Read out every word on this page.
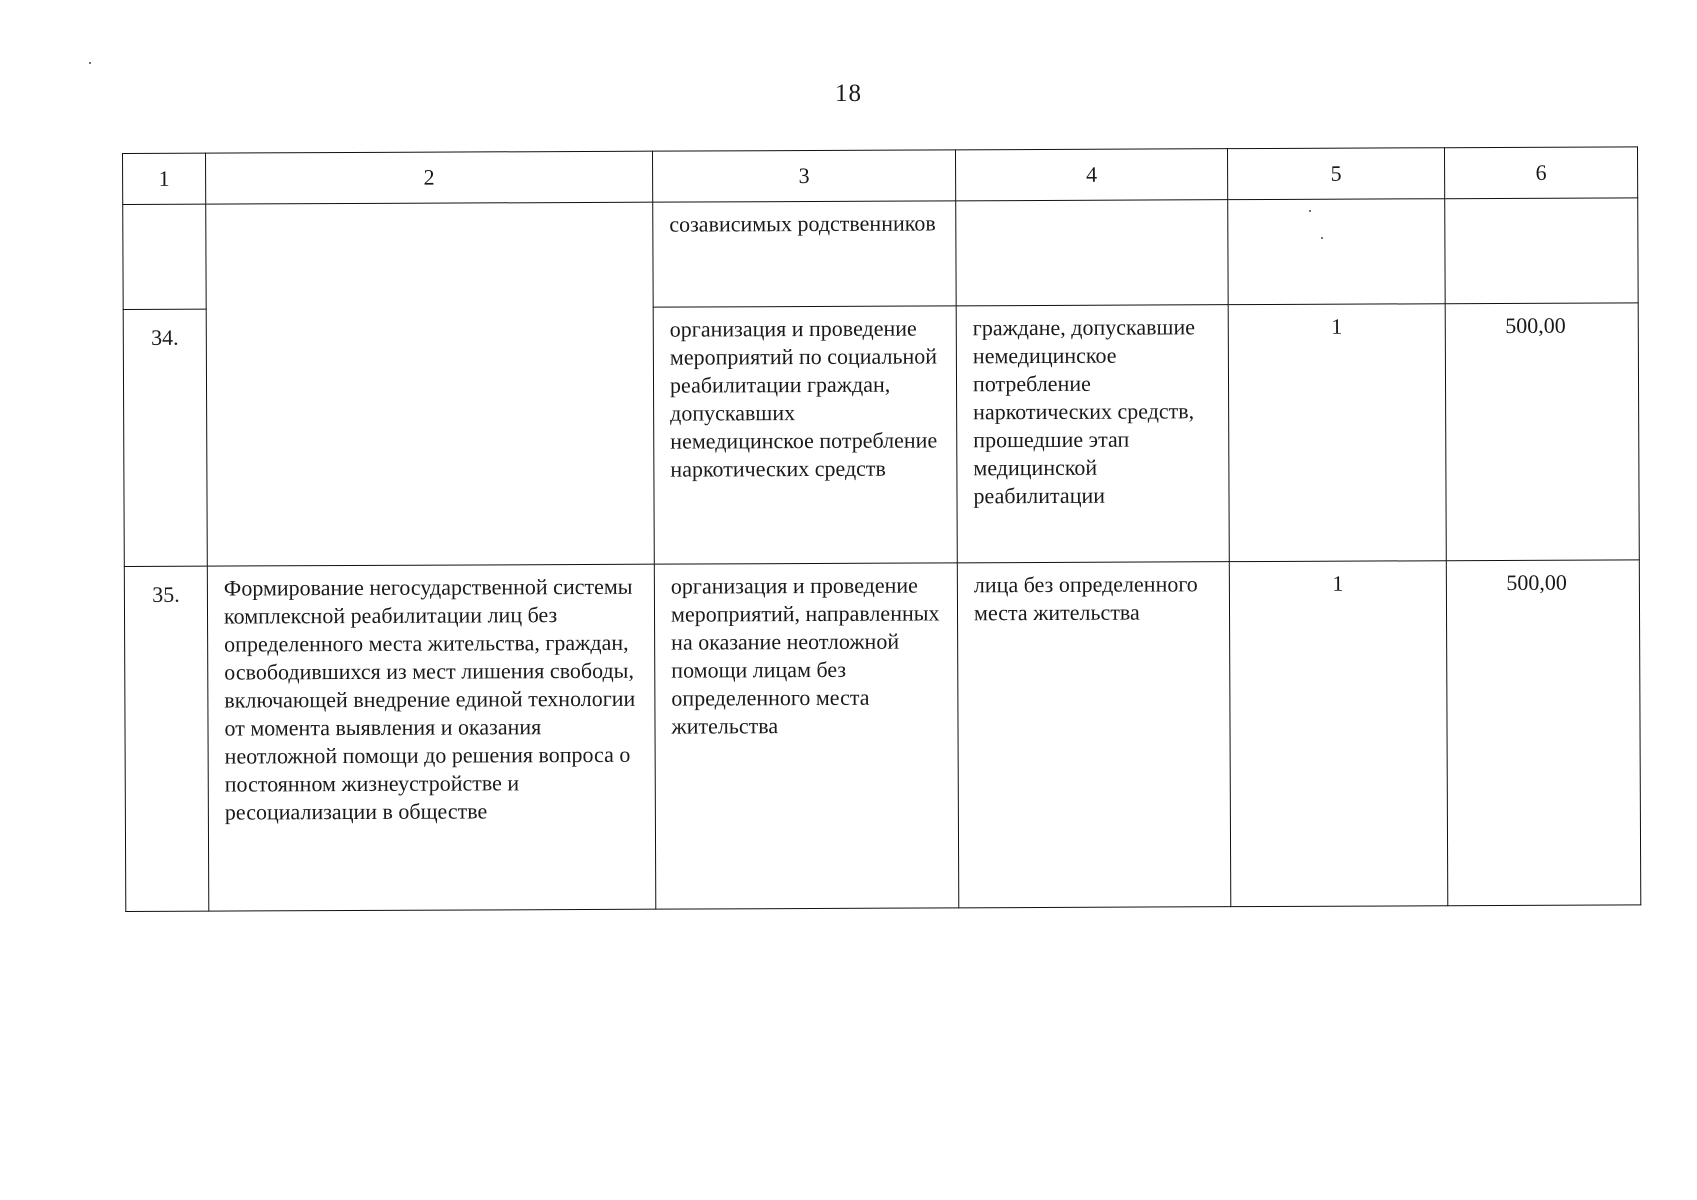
18
1	2	3	4	5	6
		созависимых родственников			
34.		организация и проведение мероприятий по социальной реабилитации граждан, допускавших немедицинское потребление наркотических средств	граждане, допускавшие немедицинское потребление наркотических средств, прошедшие этап медицинской реабилитации	1	500,00
35.	Формирование негосударственной системы комплексной реабилитации лиц без определенного места жительства, граждан, освободившихся из мест лишения свободы, включающей внедрение единой технологии от момента выявления и оказания неотложной помощи до решения вопроса о постоянном жизнеустройстве и ресоциализации в обществе	организация и проведение мероприятий, направленных на оказание неотложной помощи лицам без определенного места жительства	лица без определенного места жительства	1	500,00
